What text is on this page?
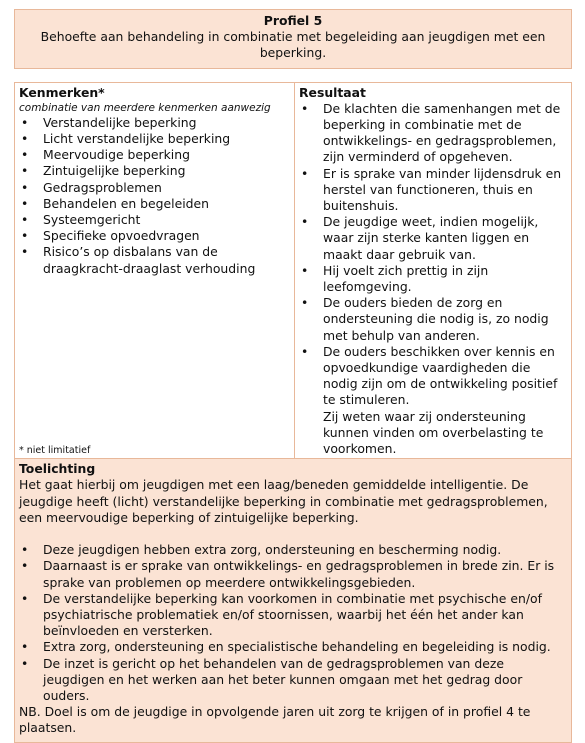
Profiel 5
Behoefte aan behandeling in combinatie met begeleiding aan jeugdigen met een beperking.
Kenmerken*
combinatie van meerdere kenmerken aanwezig
• Verstandelijke beperking
• Licht verstandelijke beperking
• Meervoudige beperking
• Zintuigelijke beperking
• Gedragsproblemen
• Behandelen en begeleiden
• Systeemgericht
• Specifieke opvoedvragen
• Risico’s op disbalans van de draagkracht-draaglast verhouding
* niet limitatief
Resultaat
• De klachten die samenhangen met de beperking in combinatie met de ontwikkelings- en gedragsproblemen, zijn verminderd of opgeheven.
• Er is sprake van minder lijdensdruk en herstel van functioneren, thuis en buitenshuis.
• De jeugdige weet, indien mogelijk, waar zijn sterke kanten liggen en maakt daar gebruik van.
• Hij voelt zich prettig in zijn leefomgeving.
• De ouders bieden de zorg en ondersteuning die nodig is, zo nodig met behulp van anderen.
• De ouders beschikken over kennis en opvoedkundige vaardigheden die nodig zijn om de ontwikkeling positief te stimuleren.
Zij weten waar zij ondersteuning kunnen vinden om overbelasting te voorkomen.
Toelichting
Het gaat hierbij om jeugdigen met een laag/beneden gemiddelde intelligentie. De jeugdige heeft (licht) verstandelijke beperking in combinatie met gedragsproblemen, een meervoudige beperking of zintuigelijke beperking.
• Deze jeugdigen hebben extra zorg, ondersteuning en bescherming nodig.
• Daarnaast is er sprake van ontwikkelings- en gedragsproblemen in brede zin. Er is sprake van problemen op meerdere ontwikkelingsgebieden.
• De verstandelijke beperking kan voorkomen in combinatie met psychische en/of psychiatrische problematiek en/of stoornissen, waarbij het één het ander kan beïnvloeden en versterken.
• Extra zorg, ondersteuning en specialistische behandeling en begeleiding is nodig.
• De inzet is gericht op het behandelen van de gedragsproblemen van deze jeugdigen en het werken aan het beter kunnen omgaan met het gedrag door ouders.
NB. Doel is om de jeugdige in opvolgende jaren uit zorg te krijgen of in profiel 4 te plaatsen.
